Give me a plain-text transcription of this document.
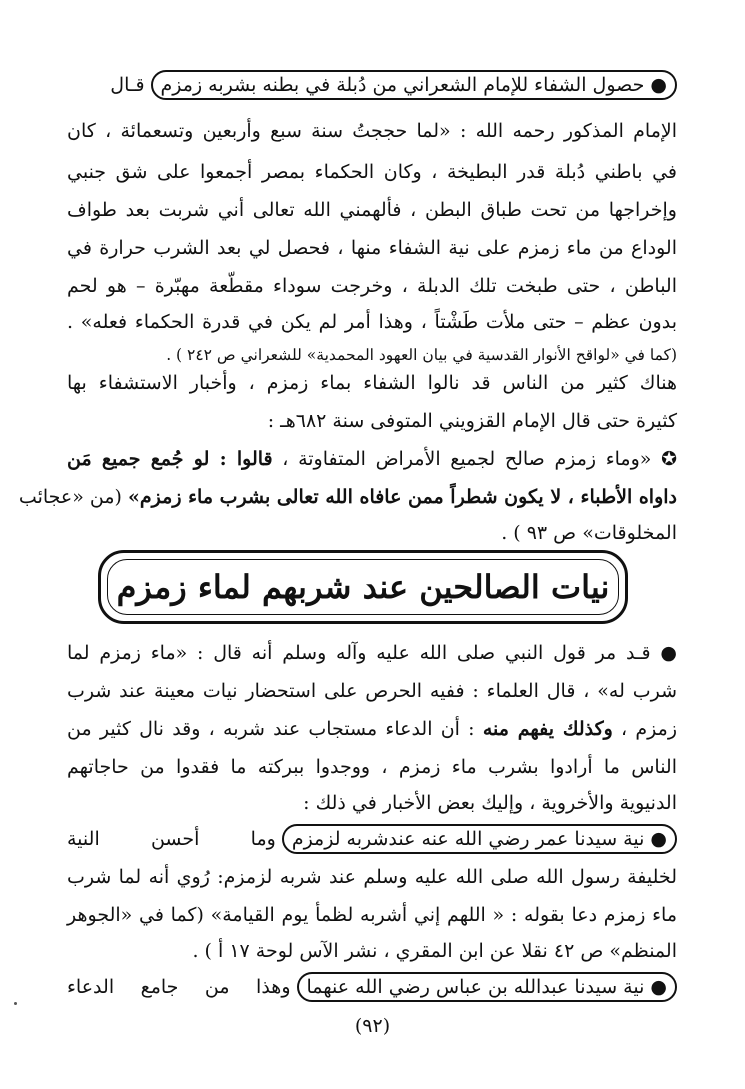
● حصول الشفاء للإمام الشعراني من دُبلة في بطنه بشربه زمزمقـال
الإمام المذكور رحمه الله : «لما حججتُ سنة سبع وأربعين وتسعمائة ، كان
في باطني دُبلة قدر البطيخة ، وكان الحكماء بمصر أجمعوا على شق جنبي
وإخراجها من تحت طباق البطن ، فألهمني الله تعالى أني شربت بعد طواف
الوداع من ماء زمزم على نية الشفاء منها ، فحصل لي بعد الشرب حرارة في
الباطن ، حتى طبخت تلك الدبلة ، وخرجت سوداء مقطّعة مهبّرة – هو لحم
بدون عظم – حتى ملأت طَشْتاً ، وهذا أمر لم يكن في قدرة الحكماء فعله» .
(كما في «لواقح الأنوار القدسية في بيان العهود المحمدية» للشعراني ص ٢٤٢ ) .
هناك كثير من الناس قد نالوا الشفاء بماء زمزم ، وأخبار الاستشفاء بها
كثيرة حتى قال الإمام القزويني المتوفى سنة ٦٨٢هـ :
✪ «وماء زمزم صالح لجميع الأمراض المتفاوتة ، قالوا : لو جُمع جميع مَن
داواه الأطباء ، لا يكون شطراً ممن عافاه الله تعالى بشرب ماء زمزم» (من «عجائب
المخلوقات» ص ٩٣ ) .
نيات الصالحين عند شربهم لماء زمزم
● قـد مر قول النبي صلى الله عليه وآله وسلم أنه قال : «ماء زمزم لما
شرب له» ، قال العلماء : ففيه الحرص على استحضار نيات معينة عند شرب
زمزم ، وكذلك يفهم منه : أن الدعاء مستجاب عند شربه ، وقد نال كثير من
الناس ما أرادوا بشرب ماء زمزم ، ووجدوا ببركته ما فقدوا من حاجاتهم
الدنيوية والأخروية ، وإليك بعض الأخبار في ذلك :
● نية سيدنا عمر رضي الله عنه عندشربه لزمزموما أحسن النية
لخليفة رسول الله صلى الله عليه وسلم عند شربه لزمزم: رُوي أنه لما شرب
ماء زمزم دعا بقوله : « اللهم إني أشربه لظمأ يوم القيامة» (كما في «الجوهر
المنظم» ص ٤٢ نقلا عن ابن المقري ، نشر الآس لوحة ١٧ أ ) .
● نية سيدنا عبدالله بن عباس رضي الله عنهماوهذا من جامع الدعاء
(٩٢)
